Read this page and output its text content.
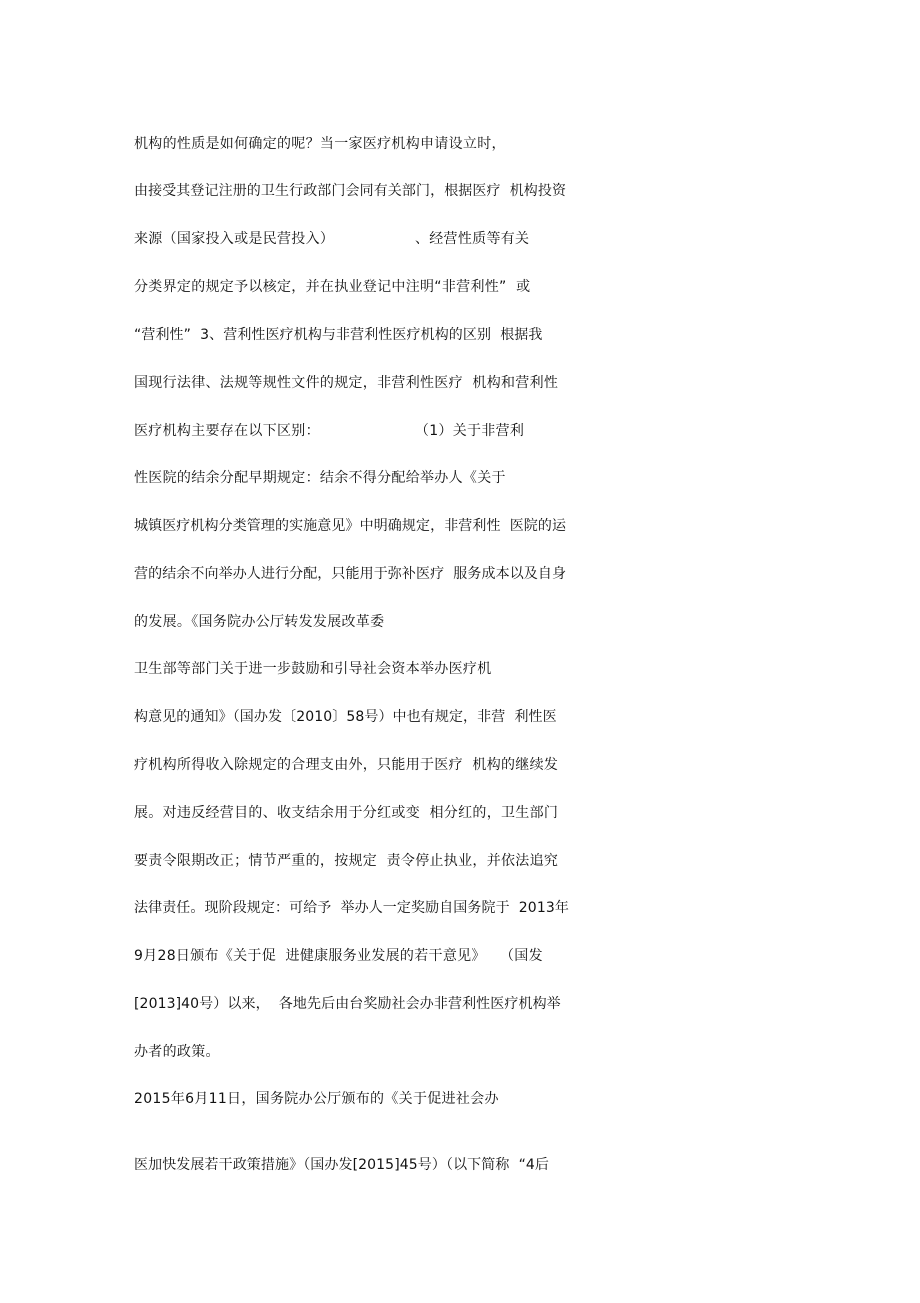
机构的性质是如何确定的呢？当一家医疗机构申请设立时，
由接受其登记注册的卫生行政部门会同有关部门，根据医疗  机构投资
来源（国家投入或是民营投入）                 、经营性质等有关
分类界定的规定予以核定，并在执业登记中注明“非营利性”  或
“营利性”  3、营利性医疗机构与非营利性医疗机构的区别  根据我
国现行法律、法规等规性文件的规定，非营利性医疗  机构和营利性
医疗机构主要存在以下区别：                    （1）关于非营利
性医院的结余分配早期规定：结余不得分配给举办人《关于
城镇医疗机构分类管理的实施意见》中明确规定，非营利性  医院的运
营的结余不向举办人进行分配，只能用于弥补医疗  服务成本以及自身
的发展。《国务院办公厅转发发展改革委
卫生部等部门关于进一步鼓励和引导社会资本举办医疗机
构意见的通知》（国办发〔2010〕58号）中也有规定，非营  利性医
疗机构所得收入除规定的合理支由外，只能用于医疗  机构的继续发
展。对违反经营目的、收支结余用于分红或变  相分红的，卫生部门
要责令限期改正；情节严重的，按规定  责令停止执业，并依法追究
法律责任。现阶段规定：可给予  举办人一定奖励自国务院于  2013年
9月28日颁布《关于促  进健康服务业发展的若干意见》   （国发
[2013]40号）以来，  各地先后由台奖励社会办非营利性医疗机构举
办者的政策。
2015年6月11日，国务院办公厅颁布的《关于促进社会办
医加快发展若干政策措施》（国办发[2015]45号）（以下简称  “4后
